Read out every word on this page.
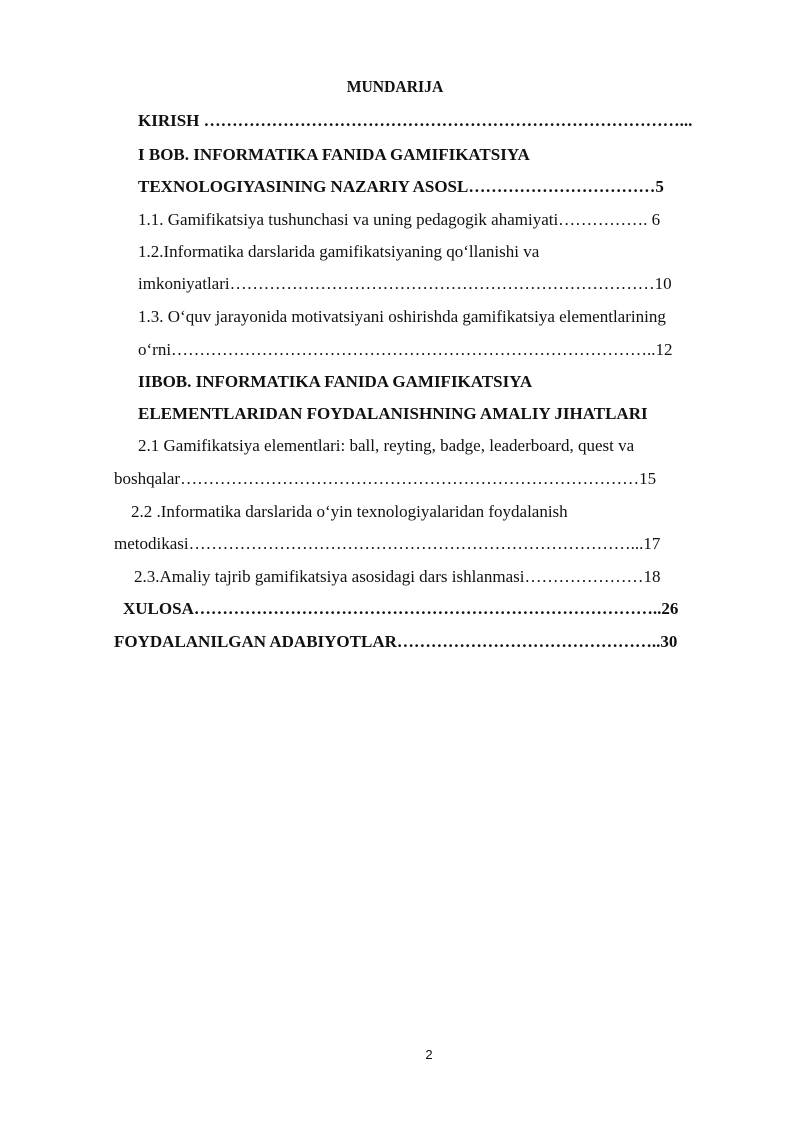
MUNDARIJA
KIRISH …………………………………………………………………………...
I BOB. INFORMATIKA FANIDA GAMIFIKATSIYA
TEXNOLOGIYASINING NAZARIY ASOSL……………………………5
1.1. Gamifikatsiya tushunchasi va uning pedagogik ahamiyati……………. 6
1.2.Informatika darslarida gamifikatsiyaning qoʻllanishi va
imkoniyatlari…………………………………………………………………10
1.3. Oʻquv jarayonida motivatsiyani oshirishda gamifikatsiya elementlarining
oʻrni…………………………………………………………………………..12
IIBOB. INFORMATIKA FANIDA GAMIFIKATSIYA
ELEMENTLARIDAN FOYDALANISHNING AMALIY JIHATLARI
2.1 Gamifikatsiya elementlari: ball, reyting, badge, leaderboard, quest va
boshqalar………………………………………………………………………15
2.2 .Informatika darslarida oʻyin texnologiyalaridan foydalanish
metodikasi……………………………………………………………………...17
2.3.Amaliy tajrib gamifikatsiya asosidagi dars ishlanmasi…………………18
XULOSA………………………………………………………………………..26
FOYDALANILGAN ADABIYOTLAR………………………………………..30
2
